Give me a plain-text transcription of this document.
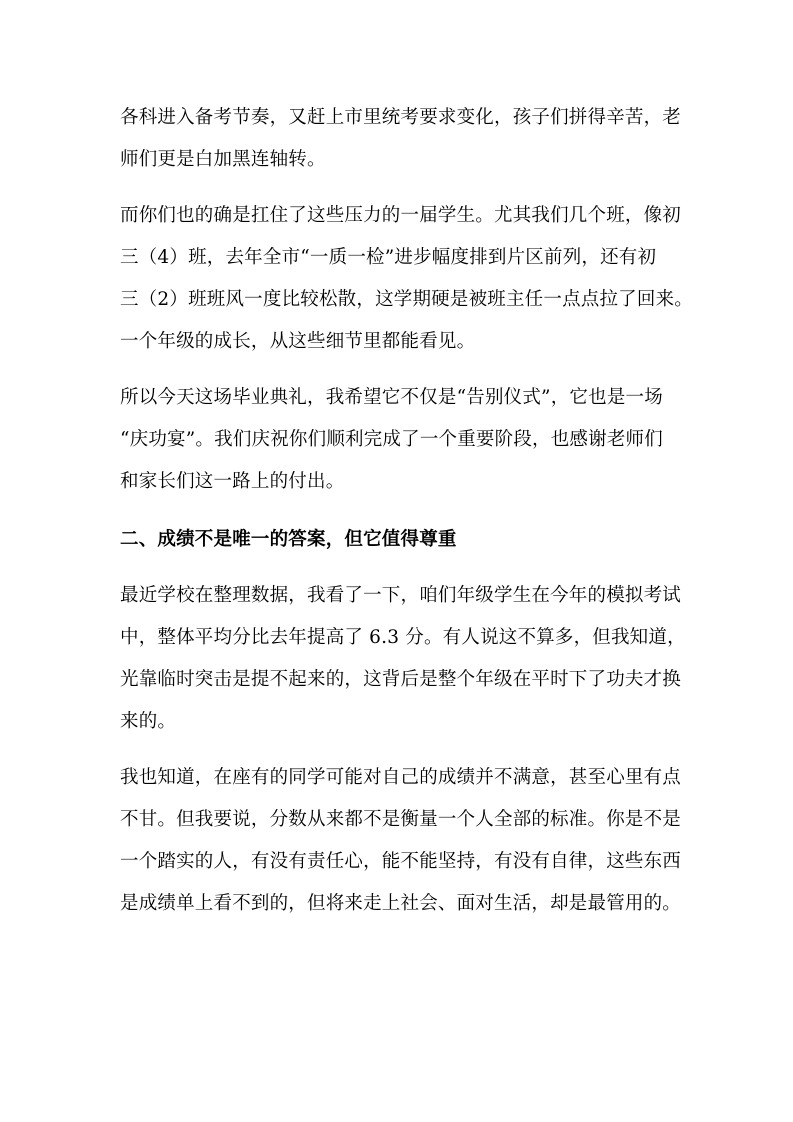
各科进入备考节奏，又赶上市里统考要求变化，孩子们拼得辛苦，老
师们更是白加黑连轴转。
而你们也的确是扛住了这些压力的一届学生。尤其我们几个班，像初
三（4）班，去年全市“一质一检”进步幅度排到片区前列，还有初
三（2）班班风一度比较松散，这学期硬是被班主任一点点拉了回来。
一个年级的成长，从这些细节里都能看见。
所以今天这场毕业典礼，我希望它不仅是“告别仪式”，它也是一场
“庆功宴”。我们庆祝你们顺利完成了一个重要阶段，也感谢老师们
和家长们这一路上的付出。
二、成绩不是唯一的答案，但它值得尊重
最近学校在整理数据，我看了一下，咱们年级学生在今年的模拟考试
中，整体平均分比去年提高了 6.3 分。有人说这不算多，但我知道，
光靠临时突击是提不起来的，这背后是整个年级在平时下了功夫才换
来的。
我也知道，在座有的同学可能对自己的成绩并不满意，甚至心里有点
不甘。但我要说，分数从来都不是衡量一个人全部的标准。你是不是
一个踏实的人，有没有责任心，能不能坚持，有没有自律，这些东西
是成绩单上看不到的，但将来走上社会、面对生活，却是最管用的。
